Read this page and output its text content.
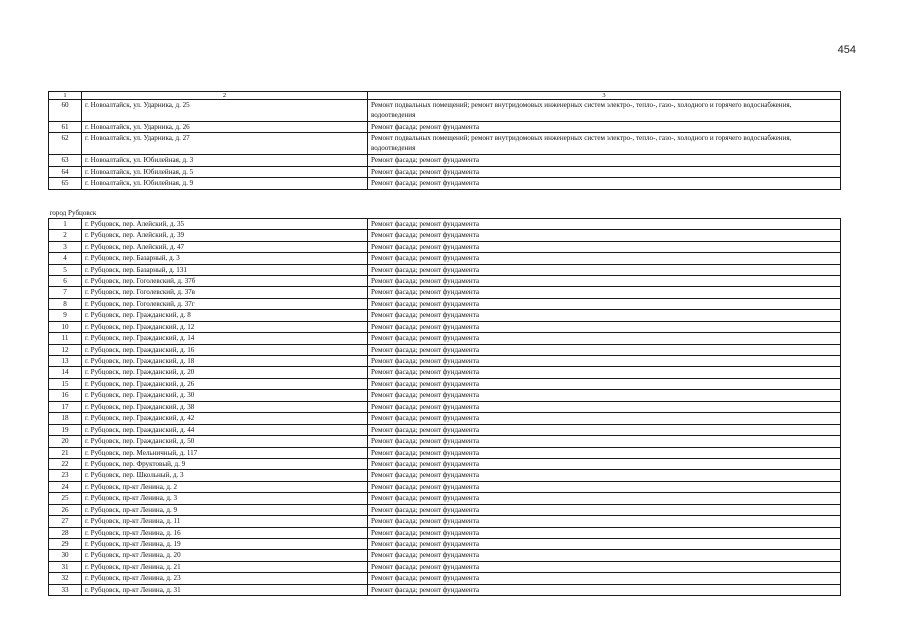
454
1	2	3
60	г. Новоалтайск, ул. Ударника, д. 25	Ремонт подвальных помещений; ремонт внутридомовых инженерных систем электро-, тепло-, газо-, холодного и горячего водоснабжения, водоотведения
61	г. Новоалтайск, ул. Ударника, д. 26	Ремонт фасада; ремонт фундамента
62	г. Новоалтайск, ул. Ударника, д. 27	Ремонт подвальных помещений; ремонт внутридомовых инженерных систем электро-, тепло-, газо-, холодного и горячего водоснабжения, водоотведения
63	г. Новоалтайск, ул. Юбилейная, д. 3	Ремонт фасада; ремонт фундамента
64	г. Новоалтайск, ул. Юбилейная, д. 5	Ремонт фасада; ремонт фундамента
65	г. Новоалтайск, ул. Юбилейная, д. 9	Ремонт фасада; ремонт фундамента

город Рубцовск		
1	г. Рубцовск, пер. Алейский, д. 35	Ремонт фасада; ремонт фундамента
2	г. Рубцовск, пер. Алейский, д. 39	Ремонт фасада; ремонт фундамента
3	г. Рубцовск, пер. Алейский, д. 47	Ремонт фасада; ремонт фундамента
4	г. Рубцовск, пер. Базарный, д. 3	Ремонт фасада; ремонт фундамента
5	г. Рубцовск, пер. Базарный, д. 131	Ремонт фасада; ремонт фундамента
6	г. Рубцовск, пер. Гоголевский, д. 37б	Ремонт фасада; ремонт фундамента
7	г. Рубцовск, пер. Гоголевский, д. 37в	Ремонт фасада; ремонт фундамента
8	г. Рубцовск, пер. Гоголевский, д. 37г	Ремонт фасада; ремонт фундамента
9	г. Рубцовск, пер. Гражданский, д. 8	Ремонт фасада; ремонт фундамента
10	г. Рубцовск, пер. Гражданский, д. 12	Ремонт фасада; ремонт фундамента
11	г. Рубцовск, пер. Гражданский, д. 14	Ремонт фасада; ремонт фундамента
12	г. Рубцовск, пер. Гражданский, д. 16	Ремонт фасада; ремонт фундамента
13	г. Рубцовск, пер. Гражданский, д. 18	Ремонт фасада; ремонт фундамента
14	г. Рубцовск, пер. Гражданский, д. 20	Ремонт фасада; ремонт фундамента
15	г. Рубцовск, пер. Гражданский, д. 26	Ремонт фасада; ремонт фундамента
16	г. Рубцовск, пер. Гражданский, д. 30	Ремонт фасада; ремонт фундамента
17	г. Рубцовск, пер. Гражданский, д. 38	Ремонт фасада; ремонт фундамента
18	г. Рубцовск, пер. Гражданский, д. 42	Ремонт фасада; ремонт фундамента
19	г. Рубцовск, пер. Гражданский, д. 44	Ремонт фасада; ремонт фундамента
20	г. Рубцовск, пер. Гражданский, д. 50	Ремонт фасада; ремонт фундамента
21	г. Рубцовск, пер. Мельничный, д. 117	Ремонт фасада; ремонт фундамента
22	г. Рубцовск, пер. Фруктовый, д. 9	Ремонт фасада; ремонт фундамента
23	г. Рубцовск, пер. Школьный, д. 3	Ремонт фасада; ремонт фундамента
24	г. Рубцовск, пр-кт Ленина, д. 2	Ремонт фасада; ремонт фундамента
25	г. Рубцовск, пр-кт Ленина, д. 3	Ремонт фасада; ремонт фундамента
26	г. Рубцовск, пр-кт Ленина, д. 9	Ремонт фасада; ремонт фундамента
27	г. Рубцовск, пр-кт Ленина, д. 11	Ремонт фасада; ремонт фундамента
28	г. Рубцовск, пр-кт Ленина, д. 16	Ремонт фасада; ремонт фундамента
29	г. Рубцовск, пр-кт Ленина, д. 19	Ремонт фасада; ремонт фундамента
30	г. Рубцовск, пр-кт Ленина, д. 20	Ремонт фасада; ремонт фундамента
31	г. Рубцовск, пр-кт Ленина, д. 21	Ремонт фасада; ремонт фундамента
32	г. Рубцовск, пр-кт Ленина, д. 23	Ремонт фасада; ремонт фундамента
33	г. Рубцовск, пр-кт Ленина, д. 31	Ремонт фасада; ремонт фундамента
